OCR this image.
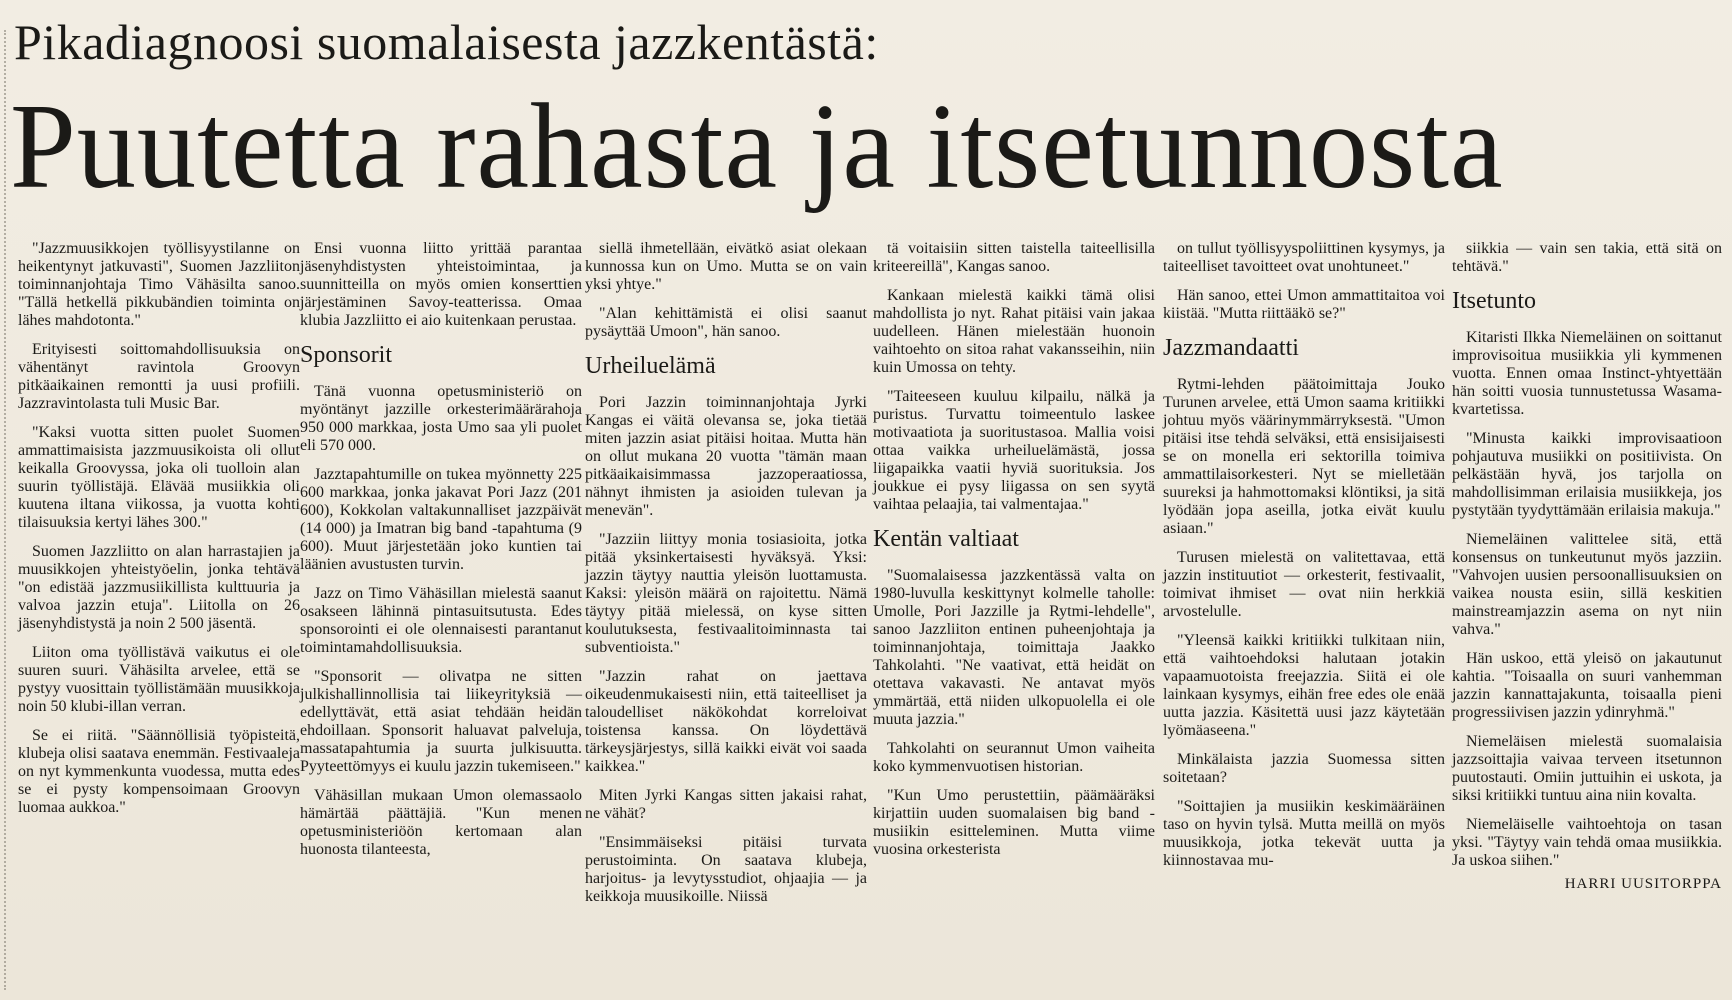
Pikadiagnoosi suomalaisesta jazzkentästä:
Puutetta rahasta ja itsetunnosta

"Jazzmuusikkojen työllisyystilanne on heikentynyt jatkuvasti", Suomen Jazzliiton toiminnanjohtaja Timo Vähäsilta sanoo. "Tällä hetkellä pikkubändien toiminta on lähes mahdotonta."

Erityisesti soittomahdollisuuksia on vähentänyt ravintola Groovyn pitkäaikainen remontti ja uusi profiili. Jazzravintolasta tuli Music Bar.

"Kaksi vuotta sitten puolet Suomen ammattimaisista jazzmuusikoista oli ollut keikalla Groovyssa, joka oli tuolloin alan suurin työllistäjä. Elävää musiikkia oli kuutena iltana viikossa, ja vuotta kohti tilaisuuksia kertyi lähes 300."

Suomen Jazzliitto on alan harrastajien ja muusikkojen yhteistyöelin, jonka tehtävä "on edistää jazzmusiikillista kulttuuria ja valvoa jazzin etuja". Liitolla on 26 jäsenyhdistystä ja noin 2 500 jäsentä.

Liiton oma työllistävä vaikutus ei ole suuren suuri. Vähäsilta arvelee, että se pystyy vuosittain työllistämään muusikkoja noin 50 klubi-illan verran.

Se ei riitä. "Säännöllisiä työpisteitä, klubeja olisi saatava enemmän. Festivaaleja on nyt kymmenkunta vuodessa, mutta edes se ei pysty kompensoimaan Groovyn luomaa aukkoa."

Ensi vuonna liitto yrittää parantaa jäsenyhdistysten yhteistoimintaa, ja suunnitteilla on myös omien konserttien järjestäminen Savoy-teatterissa. Omaa klubia Jazzliitto ei aio kuitenkaan perustaa.

Sponsorit

Tänä vuonna opetusministeriö on myöntänyt jazzille orkesterimäärärahoja 950 000 markkaa, josta Umo saa yli puolet eli 570 000.

Jazztapahtumille on tukea myönnetty 225 600 markkaa, jonka jakavat Pori Jazz (201 600), Kokkolan valtakunnalliset jazzpäivät (14 000) ja Imatran big band -tapahtuma (9 600). Muut järjestetään joko kuntien tai läänien avustusten turvin.

Jazz on Timo Vähäsillan mielestä saanut osakseen lähinnä pintasuitsutusta. Edes sponsorointi ei ole olennaisesti parantanut toimintamahdollisuuksia.

"Sponsorit — olivatpa ne sitten julkishallinnollisia tai liikeyrityksiä — edellyttävät, että asiat tehdään heidän ehdoillaan. Sponsorit haluavat palveluja, massatapahtumia ja suurta julkisuutta. Pyyteettömyys ei kuulu jazzin tukemiseen."

Vähäsillan mukaan Umon olemassaolo hämärtää päättäjiä. "Kun menen opetusministeriöön kertomaan alan huonosta tilanteesta,

siellä ihmetellään, eivätkö asiat olekaan kunnossa kun on Umo. Mutta se on vain yksi yhtye."

"Alan kehittämistä ei olisi saanut pysäyttää Umoon", hän sanoo.

Urheiluelämä

Pori Jazzin toiminnanjohtaja Jyrki Kangas ei väitä olevansa se, joka tietää miten jazzin asiat pitäisi hoitaa. Mutta hän on ollut mukana 20 vuotta "tämän maan pitkäaikaisimmassa jazzoperaatiossa, nähnyt ihmisten ja asioiden tulevan ja menevän".

"Jazziin liittyy monia tosiasioita, jotka pitää yksinkertaisesti hyväksyä. Yksi: jazzin täytyy nauttia yleisön luottamusta. Kaksi: yleisön määrä on rajoitettu. Nämä täytyy pitää mielessä, on kyse sitten koulutuksesta, festivaalitoiminnasta tai subventioista."

"Jazzin rahat on jaettava oikeudenmukaisesti niin, että taiteelliset ja taloudelliset näkökohdat korreloivat toistensa kanssa. On löydettävä tärkeysjärjestys, sillä kaikki eivät voi saada kaikkea."

Miten Jyrki Kangas sitten jakaisi rahat, ne vähät?

"Ensimmäiseksi pitäisi turvata perustoiminta. On saatava klubeja, harjoitus- ja levytysstudiot, ohjaajia — ja keikkoja muusikoille. Niissä

tä voitaisiin sitten taistella taiteellisilla kriteereillä", Kangas sanoo.

Kankaan mielestä kaikki tämä olisi mahdollista jo nyt. Rahat pitäisi vain jakaa uudelleen. Hänen mielestään huonoin vaihtoehto on sitoa rahat vakansseihin, niin kuin Umossa on tehty.

"Taiteeseen kuuluu kilpailu, nälkä ja puristus. Turvattu toimeentulo laskee motivaatiota ja suoritustasoa. Mallia voisi ottaa vaikka urheiluelämästä, jossa liigapaikka vaatii hyviä suorituksia. Jos joukkue ei pysy liigassa on sen syytä vaihtaa pelaajia, tai valmentajaa."

Kentän valtiaat

"Suomalaisessa jazzkentässä valta on 1980-luvulla keskittynyt kolmelle taholle: Umolle, Pori Jazzille ja Rytmi-lehdelle", sanoo Jazzliiton entinen puheenjohtaja ja toiminnanjohtaja, toimittaja Jaakko Tahkolahti. "Ne vaativat, että heidät on otettava vakavasti. Ne antavat myös ymmärtää, että niiden ulkopuolella ei ole muuta jazzia."

Tahkolahti on seurannut Umon vaiheita koko kymmenvuotisen historian.

"Kun Umo perustettiin, päämääräksi kirjattiin uuden suomalaisen big band -musiikin esitteleminen. Mutta viime vuosina orkesterista

on tullut työllisyyspoliittinen kysymys, ja taiteelliset tavoitteet ovat unohtuneet."

Hän sanoo, ettei Umon ammattitaitoa voi kiistää. "Mutta riittääkö se?"

Jazzmandaatti

Rytmi-lehden päätoimittaja Jouko Turunen arvelee, että Umon saama kritiikki johtuu myös väärinymmärryksestä. "Umon pitäisi itse tehdä selväksi, että ensisijaisesti se on monella eri sektorilla toimiva ammattilaisorkesteri. Nyt se mielletään suureksi ja hahmottomaksi klöntiksi, ja sitä lyödään jopa aseilla, jotka eivät kuulu asiaan."

Turusen mielestä on valitettavaa, että jazzin instituutiot — orkesterit, festivaalit, toimivat ihmiset — ovat niin herkkiä arvostelulle.

"Yleensä kaikki kritiikki tulkitaan niin, että vaihtoehdoksi halutaan jotakin vapaamuotoista freejazzia. Siitä ei ole lainkaan kysymys, eihän free edes ole enää uutta jazzia. Käsitettä uusi jazz käytetään lyömäaseena."

Minkälaista jazzia Suomessa sitten soitetaan?

"Soittajien ja musiikin keskimääräinen taso on hyvin tylsä. Mutta meillä on myös muusikkoja, jotka tekevät uutta ja kiinnostavaa mu-

siikkia — vain sen takia, että sitä on tehtävä."

Itsetunto

Kitaristi Ilkka Niemeläinen on soittanut improvisoitua musiikkia yli kymmenen vuotta. Ennen omaa Instinct-yhtyettään hän soitti vuosia tunnustetussa Wasama-kvartetissa.

"Minusta kaikki improvisaatioon pohjautuva musiikki on positiivista. On pelkästään hyvä, jos tarjolla on mahdollisimman erilaisia musiikkeja, jos pystytään tyydyttämään erilaisia makuja."

Niemeläinen valittelee sitä, että konsensus on tunkeutunut myös jazziin. "Vahvojen uusien persoonallisuuksien on vaikea nousta esiin, sillä keskitien mainstreamjazzin asema on nyt niin vahva."

Hän uskoo, että yleisö on jakautunut kahtia. "Toisaalla on suuri vanhemman jazzin kannattajakunta, toisaalla pieni progressiivisen jazzin ydinryhmä."

Niemeläisen mielestä suomalaisia jazzsoittajia vaivaa terveen itsetunnon puutostauti. Omiin juttuihin ei uskota, ja siksi kritiikki tuntuu aina niin kovalta.

Niemeläiselle vaihtoehtoja on tasan yksi. "Täytyy vain tehdä omaa musiikkia. Ja uskoa siihen."

HARRI UUSITORPPA
